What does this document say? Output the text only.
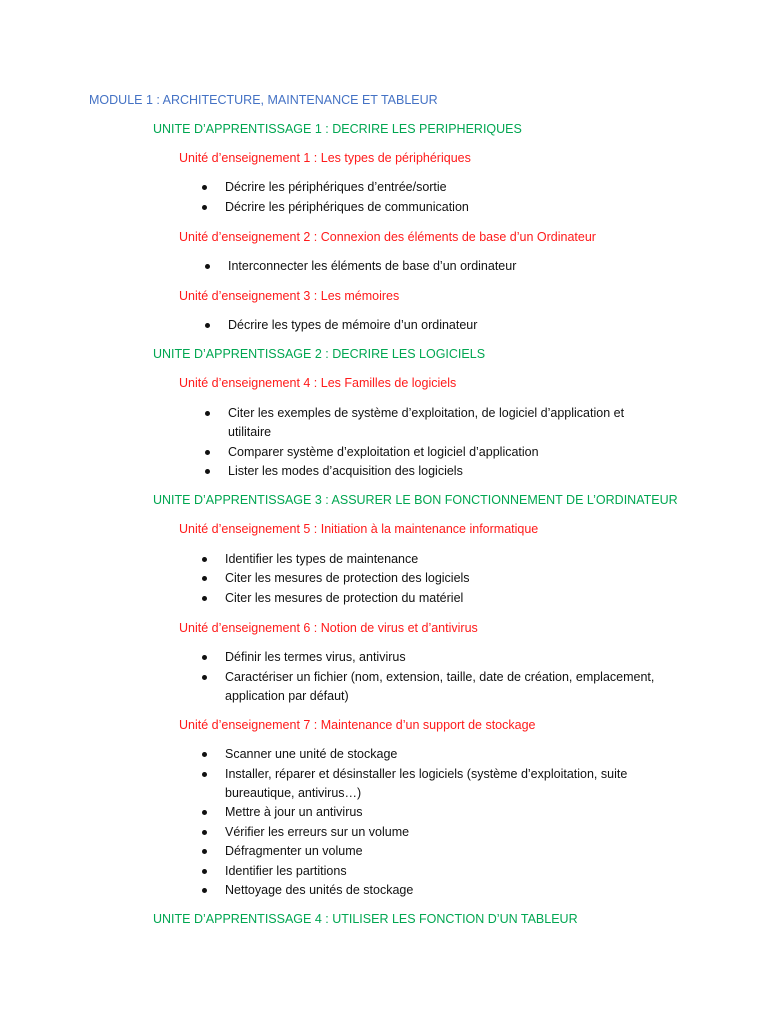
MODULE 1 : ARCHITECTURE, MAINTENANCE ET TABLEUR
UNITE D’APPRENTISSAGE 1 : DECRIRE LES PERIPHERIQUES
Unité d’enseignement 1 : Les types de périphériques
Décrire les périphériques d’entrée/sortie
Décrire les périphériques de communication
Unité d’enseignement 2 : Connexion des éléments de base d’un Ordinateur
Interconnecter les éléments de base d’un ordinateur
Unité d’enseignement 3 : Les mémoires
Décrire les types de mémoire d’un ordinateur
UNITE D’APPRENTISSAGE 2 : DECRIRE LES LOGICIELS
Unité d’enseignement 4 : Les Familles de logiciels
Citer les exemples de système d’exploitation, de logiciel d’application et
utilitaire
Comparer système d’exploitation et logiciel d’application
Lister les modes d’acquisition des logiciels
UNITE D’APPRENTISSAGE 3 : ASSURER LE BON FONCTIONNEMENT DE L’ORDINATEUR
Unité d’enseignement 5 : Initiation à la maintenance informatique
Identifier les types de maintenance
Citer les mesures de protection des logiciels
Citer les mesures de protection du matériel
Unité d’enseignement 6 : Notion de virus et d’antivirus
Définir les termes virus, antivirus
Caractériser un fichier (nom, extension, taille, date de création, emplacement,
application par défaut)
Unité d’enseignement 7 : Maintenance d’un support de stockage
Scanner une unité de stockage
Installer, réparer et désinstaller les logiciels (système d’exploitation, suite
bureautique, antivirus…)
Mettre à jour un antivirus
Vérifier les erreurs sur un volume
Défragmenter un volume
Identifier les partitions
Nettoyage des unités de stockage
UNITE D’APPRENTISSAGE 4 : UTILISER LES FONCTION D’UN TABLEUR
